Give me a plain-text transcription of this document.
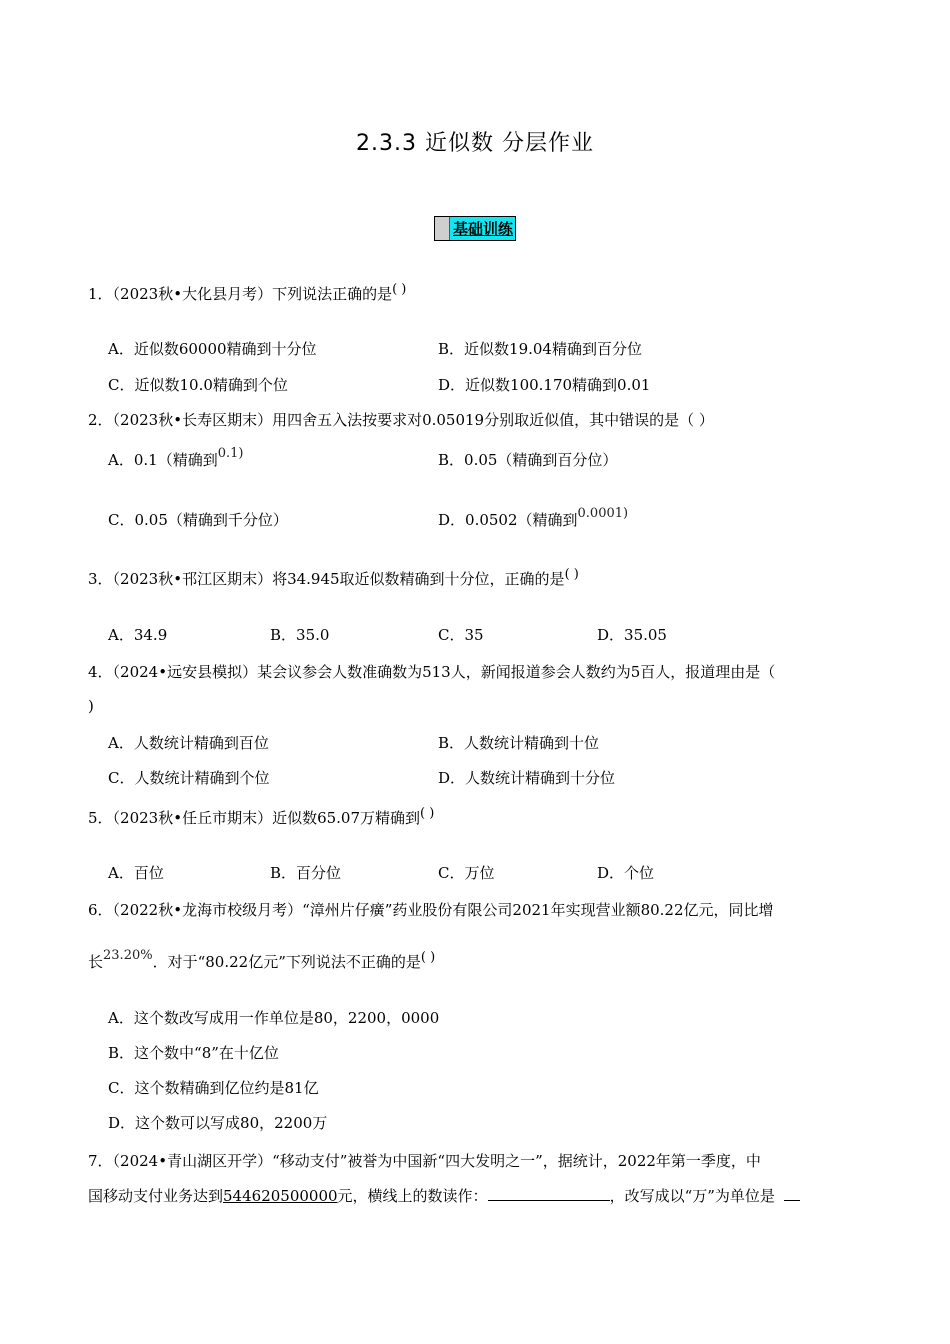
2.3.3 近似数 分层作业
基础训练
1．（2023秋•大化县月考）下列说法正确的是( )
A．近似数60000精确到十分位	B．近似数19.04精确到百分位
C．近似数10.0精确到个位	D．近似数100.170精确到0.01
2．（2023秋•长寿区期末）用四舍五入法按要求对0.05019分别取近似值，其中错误的是（ ）
A．0.1（精确到0.1)	B．0.05（精确到百分位）
C．0.05（精确到千分位）	D．0.0502（精确到0.0001)
3．（2023秋•邗江区期末）将34.945取近似数精确到十分位，正确的是( )
A．34.9	B．35.0	C．35	D．35.05
4．（2024•远安县模拟）某会议参会人数准确数为513人，新闻报道参会人数约为5百人，报道理由是（
)
A．人数统计精确到百位	B．人数统计精确到十位
C．人数统计精确到个位	D．人数统计精确到十分位
5．（2023秋•任丘市期末）近似数65.07万精确到( )
A．百位	B．百分位	C．万位	D．个位
6．（2022秋•龙海市校级月考）“漳州片仔癀”药业股份有限公司2021年实现营业额80.22亿元，同比增
长23.20%．对于“80.22亿元”下列说法不正确的是( )
A．这个数改写成用一作单位是80，2200，0000
B．这个数中“8”在十亿位
C．这个数精确到亿位约是81亿
D．这个数可以写成80，2200万
7．（2024•青山湖区开学）“移动支付”被誉为中国新“四大发明之一”，据统计，2022年第一季度，中
国移动支付业务达到544620500000元，横线上的数读作：	，改写成以“万”为单位是
